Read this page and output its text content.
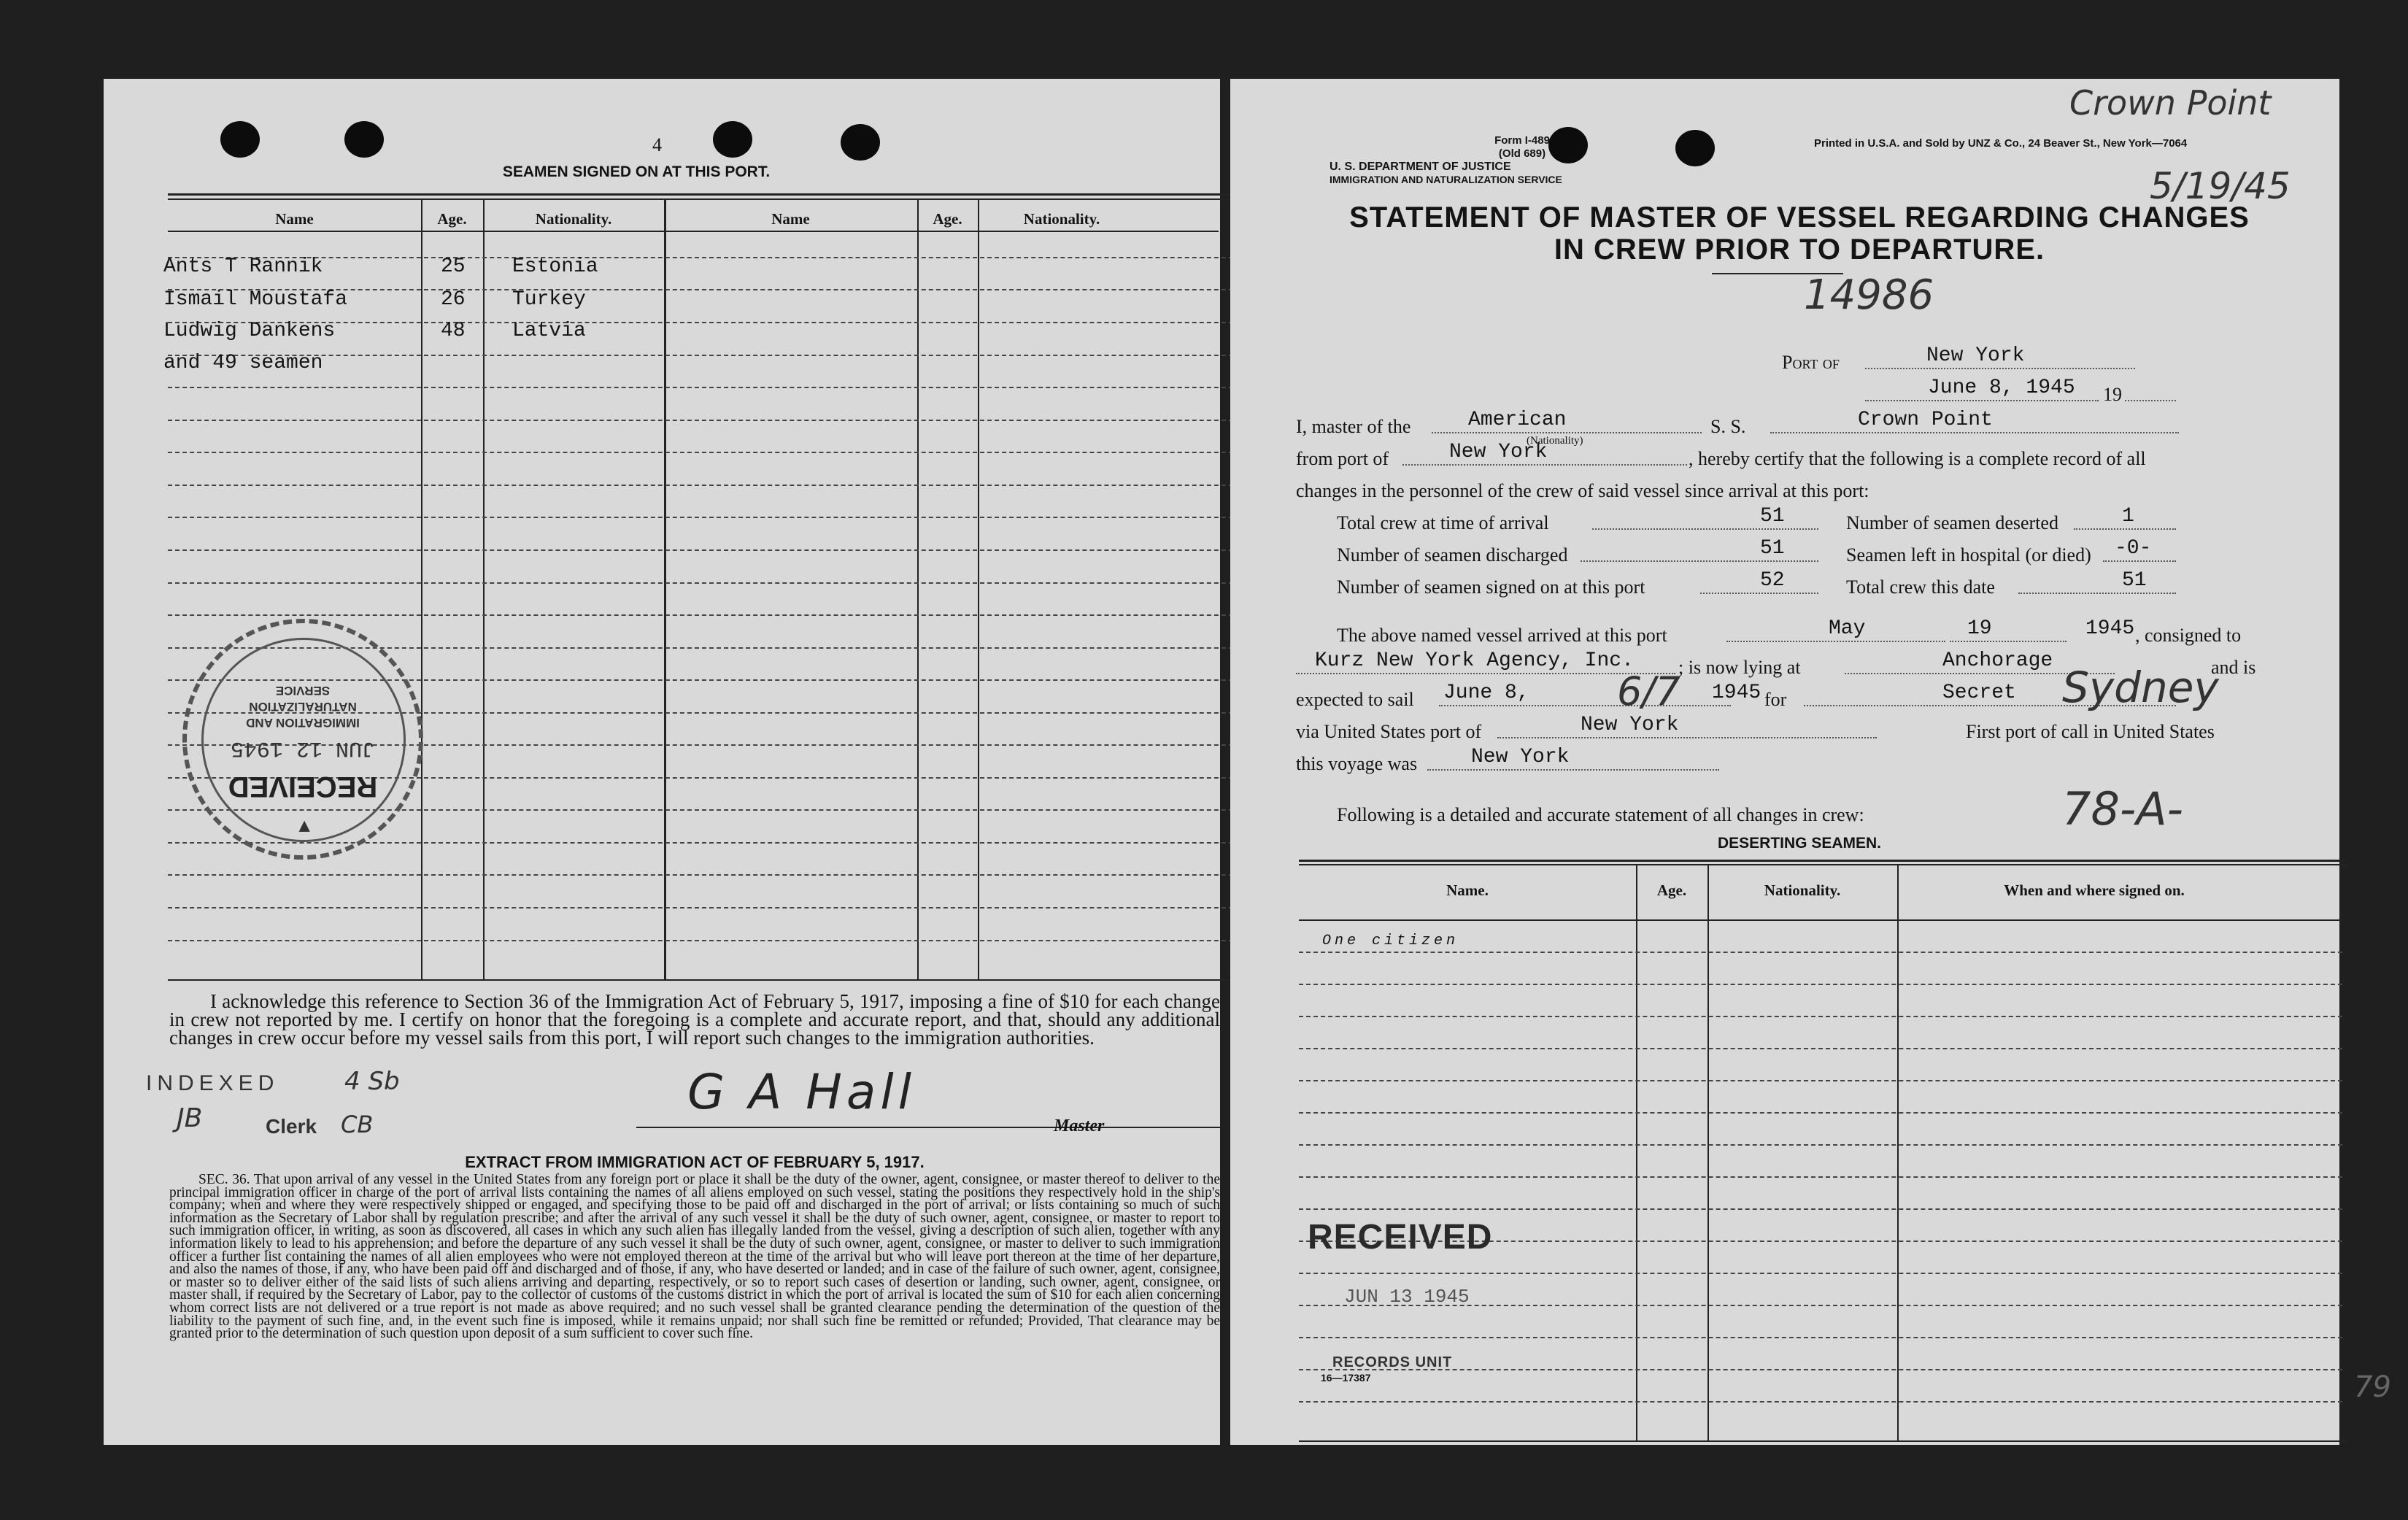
4
SEAMEN SIGNED ON AT THIS PORT.
Name	Age.	Nationality.	Name	Age.	Nationality.
Ants T Rannik	25 Estonia
Ismail Moustafa	26 Turkey
Ludwig Dankens	48 Latvia
and 49 seamen
RECEIVED
JUN 12 1945
IMMIGRATION AND
NATURALIZATION
SERVICE
▼
I acknowledge this reference to Section 36 of the Immigration Act of February 5, 1917, imposing a fine of $10 for each change in crew not reported by me. I certify on honor that the foregoing is a complete and accurate report, and that, should any additional changes in crew occur before my vessel sails from this port, I will report such changes to the immigration authorities.
INDEXED	4 Sb
JB	Clerk CB
G A Hall
Master
EXTRACT FROM IMMIGRATION ACT OF FEBRUARY 5, 1917.
SEC. 36. That upon arrival of any vessel in the United States from any foreign port or place it shall be the duty of the owner, agent, consignee, or master thereof to deliver to the principal immigration officer in charge of the port of arrival lists containing the names of all aliens employed on such vessel, stating the positions they respectively hold in the ship's company; when and where they were respectively shipped or engaged, and specifying those to be paid off and discharged in the port of arrival; or lists containing so much of such information as the Secretary of Labor shall by regulation prescribe; and after the arrival of any such vessel it shall be the duty of such owner, agent, consignee, or master to report to such immigration officer, in writing, as soon as discovered, all cases in which any such alien has illegally landed from the vessel, giving a description of such alien, together with any information likely to lead to his apprehension; and before the departure of any such vessel it shall be the duty of such owner, agent, consignee, or master to deliver to such immigration officer a further list containing the names of all alien employees who were not employed thereon at the time of the arrival but who will leave port thereon at the time of her departure, and also the names of those, if any, who have been paid off and discharged and of those, if any, who have deserted or landed; and in case of the failure of such owner, agent, consignee, or master so to deliver either of the said lists of such aliens arriving and departing, respectively, or so to report such cases of desertion or landing, such owner, agent, consignee, or master shall, if required by the Secretary of Labor, pay to the collector of customs of the customs district in which the port of arrival is located the sum of $10 for each alien concerning whom correct lists are not delivered or a true report is not made as above required; and no such vessel shall be granted clearance pending the determination of the question of the liability to the payment of such fine, and, in the event such fine is imposed, while it remains unpaid; nor shall such fine be remitted or refunded; Provided, That clearance may be granted prior to the determination of such question upon deposit of a sum sufficient to cover such fine.
Form I-489
(Old 689)
U. S. DEPARTMENT OF JUSTICE
IMMIGRATION AND NATURALIZATION SERVICE
Printed in U.S.A. and Sold by UNZ & Co., 24 Beaver St., New York—7064
Crown Point
5/19/45
STATEMENT OF MASTER OF VESSEL REGARDING CHANGES
IN CREW PRIOR TO DEPARTURE.
14986
Port of	New York
June 8, 1945 19
I, master of the	American
(Nationality)
S. S.	Crown Point
from port of	New York	, hereby certify that the following is a complete record of all
changes in the personnel of the crew of said vessel since arrival at this port:
Total crew at time of arrival	51	Number of seamen deserted	1
Number of seamen discharged	51	Seamen left in hospital (or died) -0-
Number of seamen signed on at this port	52	Total crew this date	51
The above named vessel arrived at this port	May	19	1945 , consigned to
Kurz New York Agency, Inc. ; is now lying at	Anchorage	and is
expected to sail June 8, 6/7 1945 for	Secret Sydney
via United States port of	New York	First port of call in United States
this voyage was	New York
Following is a detailed and accurate statement of all changes in crew:	78-A-
DESERTING SEAMEN.
Name.	Age.	Nationality.	When and where signed on.
One citizen
RECEIVED
JUN 13 1945
RECORDS UNIT
16—17387	79
